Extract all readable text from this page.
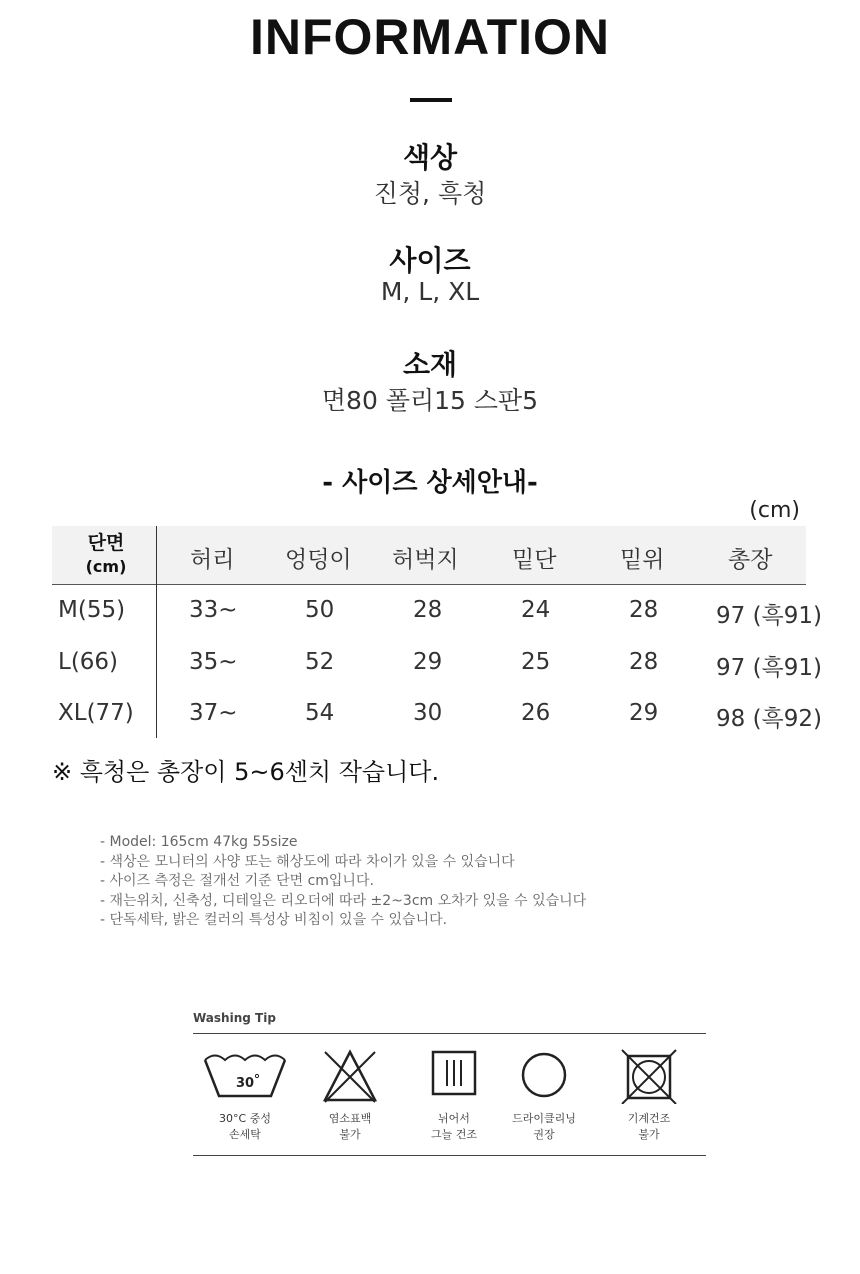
INFORMATION
색상
진청, 흑청
사이즈
M, L, XL
소재
면80 폴리15 스판5
- 사이즈 상세안내-
(cm)
단면
(cm)	허리 엉덩이 허벅지 밑단	밑위	총장
M(55)	33~	50	28	24	28	97 (흑91)
L(66)	35~	52	29	25	28	97 (흑91)
XL(77) 37~	54	30	26	29	98 (흑92)
※ 흑청은 총장이 5~6센치 작습니다.
- Model: 165cm 47kg 55size
- 색상은 모니터의 사양 또는 해상도에 따라 차이가 있을 수 있습니다
- 사이즈 측정은 절개선 기준 단면 cm입니다.
- 재는위치, 신축성, 디테일은 리오더에 따라 ±2~3cm 오차가 있을 수 있습니다
- 단독세탁, 밝은 컬러의 특성상 비침이 있을 수 있습니다.
Washing Tip
30
30°C 중성
손세탁
염소표백
불가
뉘어서
그늘 건조
드라이클리닝
권장
기계건조
불가
